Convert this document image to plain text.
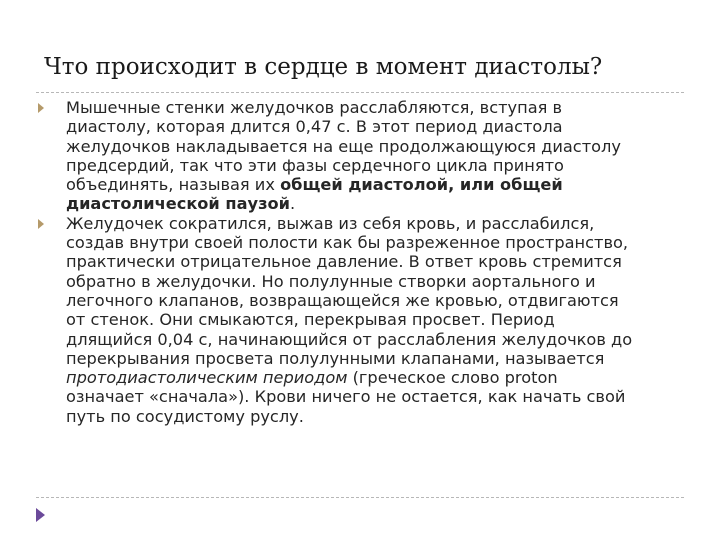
Что происходит в сердце в момент диастолы?
Мышечные стенки желудочков расслабляются, вступая в
диастолу, которая длится 0,47 с. В этот период диастола
желудочков накладывается на еще продолжающуюся диастолу
предсердий, так что эти фазы сердечного цикла принято
объединять, называя их общей диастолой, или общей
диастолической паузой.
Желудочек сократился, выжав из себя кровь, и расслабился,
создав внутри своей полости как бы разреженное пространство,
практически отрицательное давление. В ответ кровь стремится
обратно в желудочки. Но полулунные створки аортального и
легочного клапанов, возвращающейся же кровью, отдвигаются
от стенок. Они смыкаются, перекрывая просвет. Период
длящийся 0,04 с, начинающийся от расслабления желудочков до
перекрывания просвета полулунными клапанами, называется
протодиастолическим периодом (греческое слово proton
означает «сначала»). Крови ничего не остается, как начать свой
путь по сосудистому руслу.
